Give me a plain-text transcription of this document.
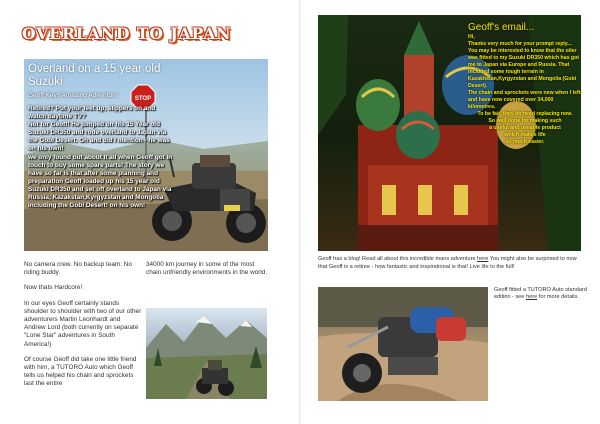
OVERLAND TO JAPAN
STOP
Overland on a 15 year old Suzuki
Geoff Keys Amazing Adventure

Retired? Put your feet up, slippers on and watch daytime TV?

Not for Geoff! He jumped on his 15 Year old Suzuki DR350 and rode overland to Japan via the Gobi Desert. Oh and did I mention - he was on his own!

we only found out about it all when Geoff got in touch to buy some spare parts! The story we have so far is that after some planning and preparation Geoff loaded up his 15 year old Suzuki DR350 and set off overland to Japan via Russia, Kazakstan,Kyrgyzstan and Mongolia including the Gobi Desert! on his own!

No camera crew. No backup team. No riding buddy.

Now thats Hardcore!

In our eyes Geoff certainly stands shoulder to shoulder with two of our other adventurers Martin Leonhardt and Andrew Lord (both currently on separate "Lone Star" adventures in South America!)

Of course Geoff did take one little friend with him, a TUTORO Auto which Geoff tells us helped his chain and sprockets last the entire

34000 km journey in some of the most chain unfriendly environments in the world.

Geoff's email...

Hi,

Thanks very much for your prompt reply... You may be interested to know that the oiler was fitted to my Suzuki DR350 which has got me to Japan via Europe and Russia. That included some tough terrain in Kazakhstan,Kyrgyzstan and Mongolia (Gobi Desert).

The chain and sprockets were new when I left and have now covered over 34,000 kilometres.

To be fair, they do need replacing now.

So well done for making such

a useful and useable product

which makes life

so much easier.

Geoff has a blog! Read all about this incredible mans adventure here You might also be surprised to now that Geoff is a retiree - how fantastic and inspirational is that! Live life to the full!

Geoff fitted a TUTORO Auto standard edition - see here for more details.
